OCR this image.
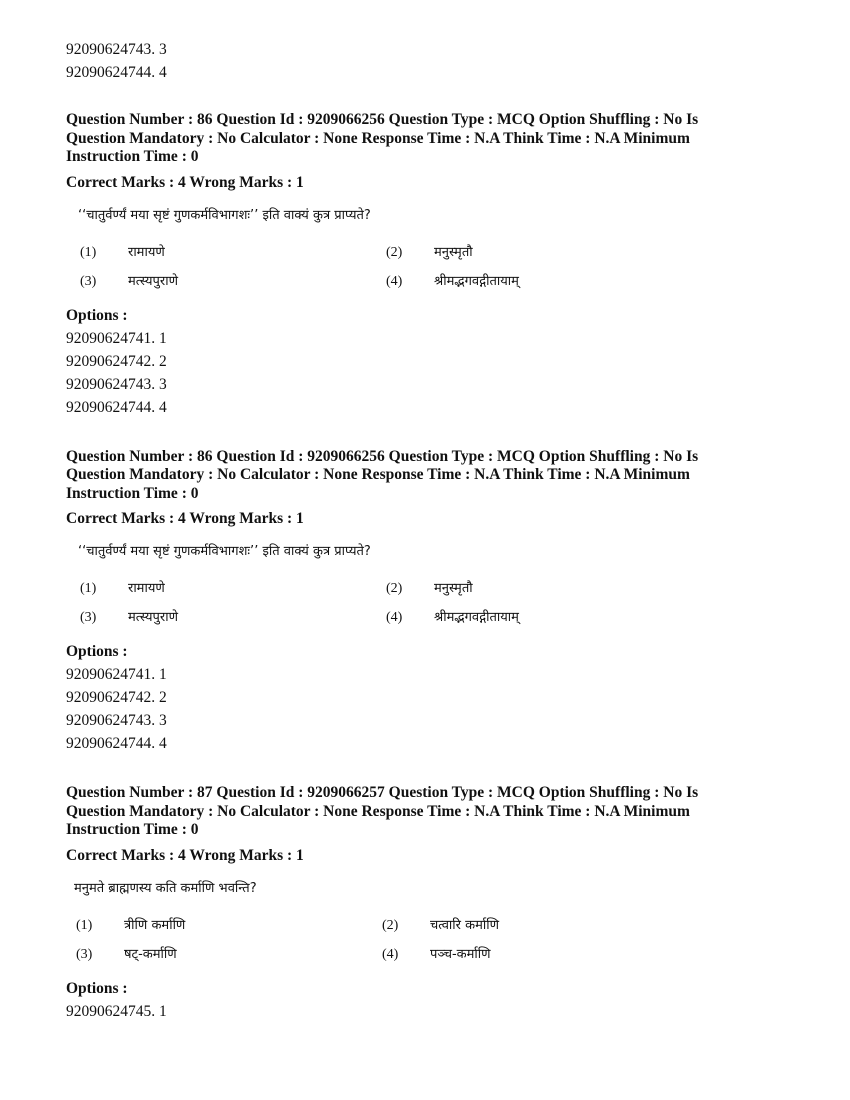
92090624743. 3
92090624744. 4
Question Number : 86 Question Id : 9209066256 Question Type : MCQ Option Shuffling : No Is
Question Mandatory : No Calculator : None Response Time : N.A Think Time : N.A Minimum
Instruction Time : 0
Correct Marks : 4 Wrong Marks : 1
‘‘चातुर्वर्ण्यं मया सृष्टं गुणकर्मविभागशः’’ इति वाक्यं कुत्र प्राप्यते?
(1) रामायणे	(2) मनुस्मृतौ
(3) मत्स्यपुराणे	(4) श्रीमद्भगवद्गीतायाम्
Options :
92090624741. 1
92090624742. 2
92090624743. 3
92090624744. 4
Question Number : 86 Question Id : 9209066256 Question Type : MCQ Option Shuffling : No Is
Question Mandatory : No Calculator : None Response Time : N.A Think Time : N.A Minimum
Instruction Time : 0
Correct Marks : 4 Wrong Marks : 1
‘‘चातुर्वर्ण्यं मया सृष्टं गुणकर्मविभागशः’’ इति वाक्यं कुत्र प्राप्यते?
(1) रामायणे	(2) मनुस्मृतौ
(3) मत्स्यपुराणे	(4) श्रीमद्भगवद्गीतायाम्
Options :
92090624741. 1
92090624742. 2
92090624743. 3
92090624744. 4
Question Number : 87 Question Id : 9209066257 Question Type : MCQ Option Shuffling : No Is
Question Mandatory : No Calculator : None Response Time : N.A Think Time : N.A Minimum
Instruction Time : 0
Correct Marks : 4 Wrong Marks : 1
मनुमते ब्राह्मणस्य कति कर्माणि भवन्ति?
(1) त्रीणि कर्माणि	(2) चत्वारि कर्माणि
(3) षट्-कर्माणि	(4) पञ्च-कर्माणि
Options :
92090624745. 1
